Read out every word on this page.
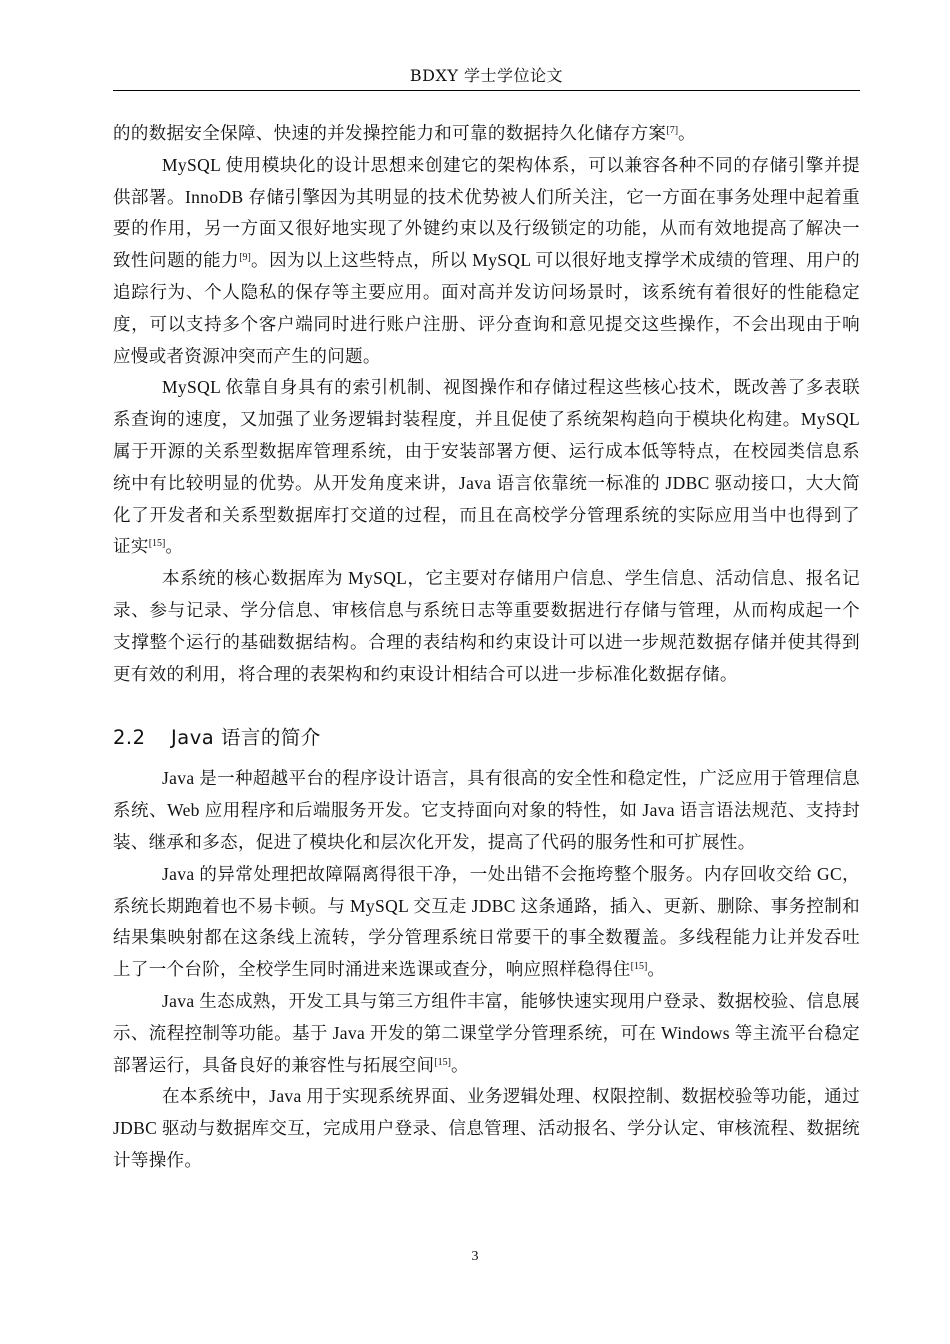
BDXY 学士学位论文

的的数据安全保障、快速的并发操控能力和可靠的数据持久化储存方案[7]。

MySQL 使用模块化的设计思想来创建它的架构体系，可以兼容各种不同的存储引擎并提供部署。InnoDB 存储引擎因为其明显的技术优势被人们所关注，它一方面在事务处理中起着重要的作用，另一方面又很好地实现了外键约束以及行级锁定的功能，从而有效地提高了解决一致性问题的能力[9]。因为以上这些特点，所以 MySQL 可以很好地支撑学术成绩的管理、用户的追踪行为、个人隐私的保存等主要应用。面对高并发访问场景时，该系统有着很好的性能稳定度，可以支持多个客户端同时进行账户注册、评分查询和意见提交这些操作，不会出现由于响应慢或者资源冲突而产生的问题。

MySQL 依靠自身具有的索引机制、视图操作和存储过程这些核心技术，既改善了多表联系查询的速度，又加强了业务逻辑封装程度，并且促使了系统架构趋向于模块化构建。MySQL 属于开源的关系型数据库管理系统，由于安装部署方便、运行成本低等特点，在校园类信息系统中有比较明显的优势。从开发角度来讲，Java 语言依靠统一标准的 JDBC 驱动接口，大大简化了开发者和关系型数据库打交道的过程，而且在高校学分管理系统的实际应用当中也得到了证实[15]。

本系统的核心数据库为 MySQL，它主要对存储用户信息、学生信息、活动信息、报名记录、参与记录、学分信息、审核信息与系统日志等重要数据进行存储与管理，从而构成起一个支撑整个运行的基础数据结构。合理的表结构和约束设计可以进一步规范数据存储并使其得到更有效的利用，将合理的表架构和约束设计相结合可以进一步标准化数据存储。

2.2 Java 语言的简介

Java 是一种超越平台的程序设计语言，具有很高的安全性和稳定性，广泛应用于管理信息系统、Web 应用程序和后端服务开发。它支持面向对象的特性，如 Java 语言语法规范、支持封装、继承和多态，促进了模块化和层次化开发，提高了代码的服务性和可扩展性。

Java 的异常处理把故障隔离得很干净，一处出错不会拖垮整个服务。内存回收交给 GC，系统长期跑着也不易卡顿。与 MySQL 交互走 JDBC 这条通路，插入、更新、删除、事务控制和结果集映射都在这条线上流转，学分管理系统日常要干的事全数覆盖。多线程能力让并发吞吐上了一个台阶，全校学生同时涌进来选课或查分，响应照样稳得住[15]。

Java 生态成熟，开发工具与第三方组件丰富，能够快速实现用户登录、数据校验、信息展示、流程控制等功能。基于 Java 开发的第二课堂学分管理系统，可在 Windows 等主流平台稳定部署运行，具备良好的兼容性与拓展空间[15]。

在本系统中，Java 用于实现系统界面、业务逻辑处理、权限控制、数据校验等功能，通过 JDBC 驱动与数据库交互，完成用户登录、信息管理、活动报名、学分认定、审核流程、数据统计等操作。

3
